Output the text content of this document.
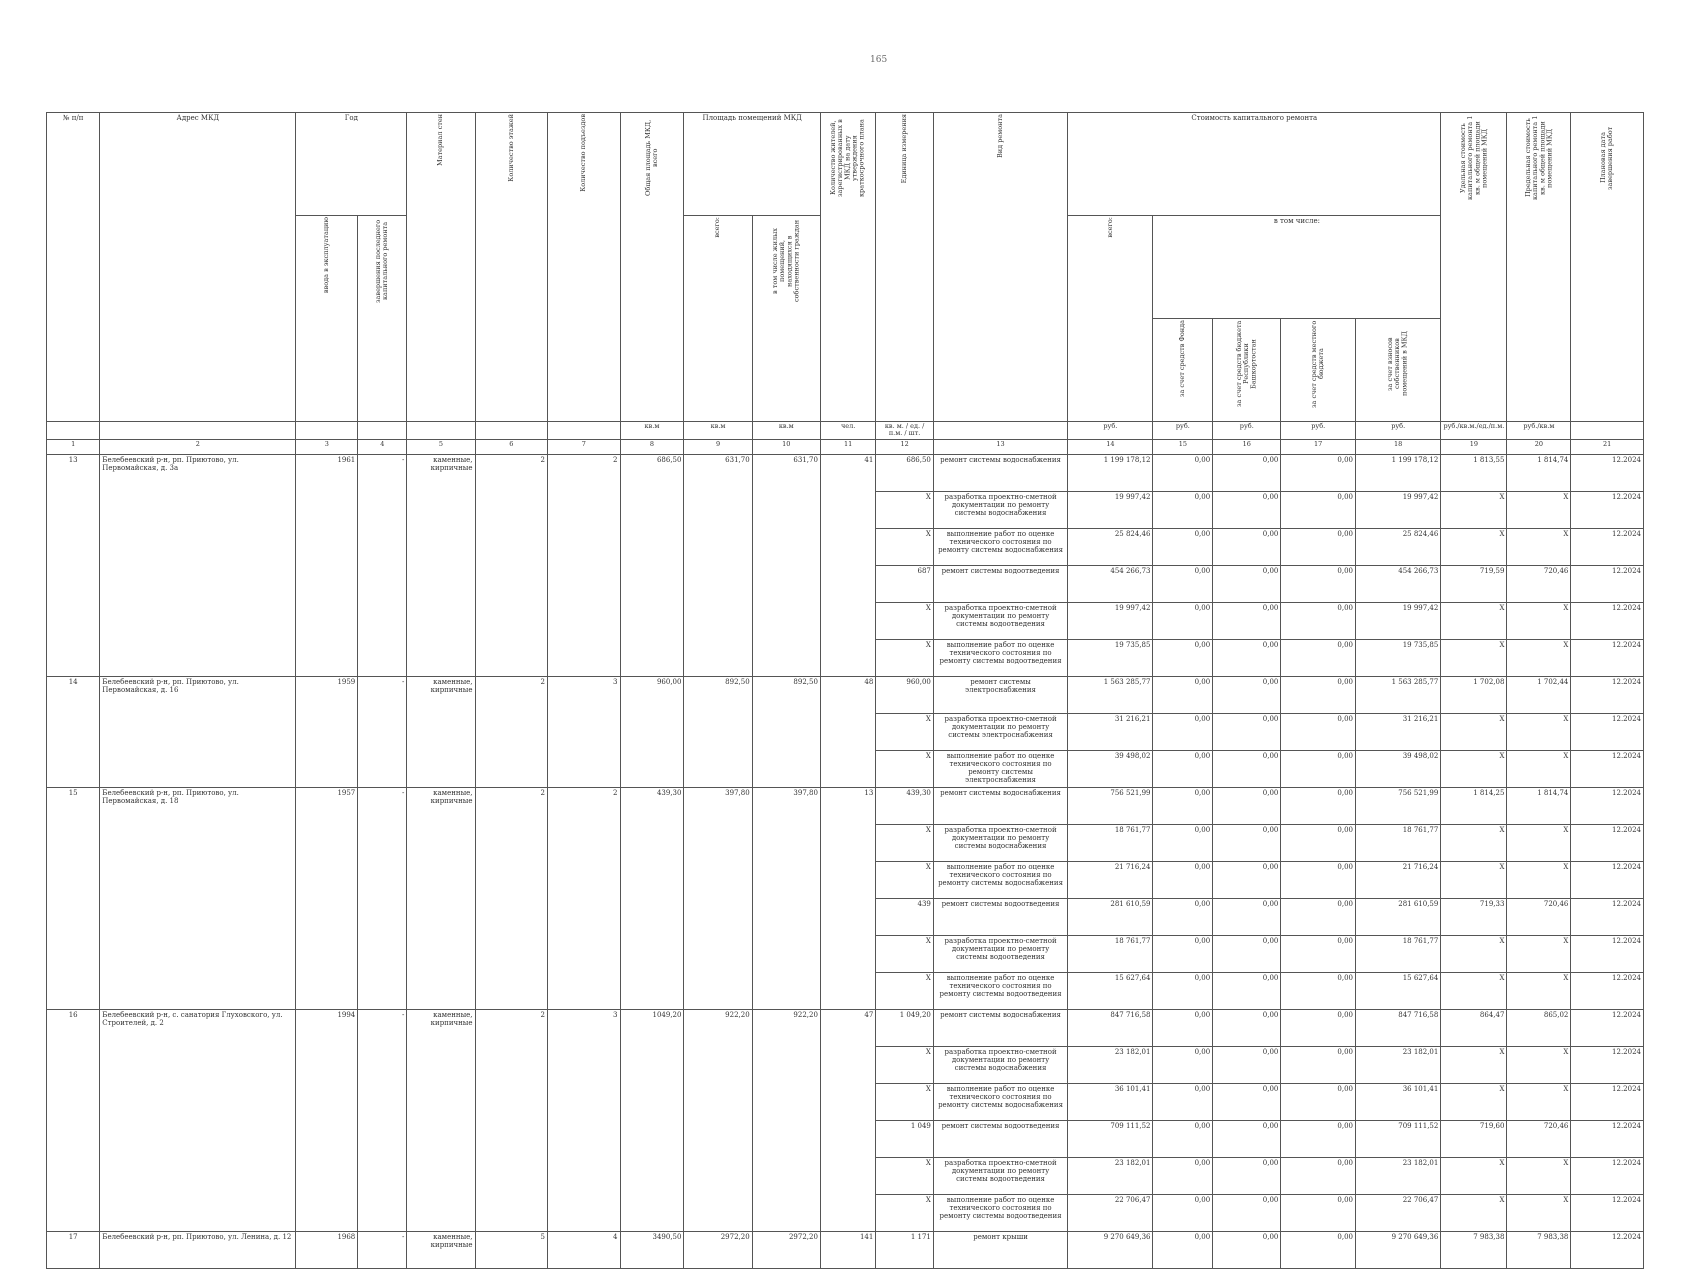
165
№ п/п	Адрес МКД	Год		Материал стен	Количество этажей	Количество подъездов	Общая площадь МКД, всего	Площадь помещений МКД		Количество жителей, зарегистрированных в МКД на дату утверждения краткосрочного плана	Единица измерения	Вид ремонта	Стоимость капитального ремонта					Удельная стоимость капитального ремонта 1 кв. м общей площади помещений МКД	Предельная стоимость капитального ремонта 1 кв. м общей площади помещений МКД	Плановая дата завершения работ
		ввода в эксплуатацию	завершения последнего капитального ремонта					всего:	в том числе жилых помещений, находящихся в собственности граждан				всего:	в том числе:						
														за счет средств Фонда	за счет средств бюджета Республики Башкортостан	за счет средств местного бюджета	за счет взносов собственников помещений в МКД			
							кв.м	кв.м	кв.м	чел.	кв. м. / ед. / п.м. / шт.		руб.	руб.	руб.	руб.	руб.	руб./кв.м./ед./п.м.	руб./кв.м	
1	2	3	4	5	6	7	8	9	10	11	12	13	14	15	16	17	18	19	20	21
13	Белебеевский р-н, рп. Приютово, ул. Первомайская, д. 3а	1961	-	каменные, кирпичные	2	2	686,50	631,70	631,70	41	686,50	ремонт системы водоснабжения	1 199 178,12	0,00	0,00	0,00	1 199 178,12	1 813,55	1 814,74	12.2024
											X	разработка проектно-сметной документации по ремонту системы водоснабжения	19 997,42	0,00	0,00	0,00	19 997,42	X	X	12.2024
											X	выполнение работ по оценке технического состояния по ремонту системы водоснабжения	25 824,46	0,00	0,00	0,00	25 824,46	X	X	12.2024
											687	ремонт системы водоотведения	454 266,73	0,00	0,00	0,00	454 266,73	719,59	720,46	12.2024
											X	разработка проектно-сметной документации по ремонту системы водоотведения	19 997,42	0,00	0,00	0,00	19 997,42	X	X	12.2024
											X	выполнение работ по оценке технического состояния по ремонту системы водоотведения	19 735,85	0,00	0,00	0,00	19 735,85	X	X	12.2024
14	Белебеевский р-н, рп. Приютово, ул. Первомайская, д. 16	1959	-	каменные, кирпичные	2	3	960,00	892,50	892,50	48	960,00	ремонт системы электроснабжения	1 563 285,77	0,00	0,00	0,00	1 563 285,77	1 702,08	1 702,44	12.2024
											X	разработка проектно-сметной документации по ремонту системы электроснабжения	31 216,21	0,00	0,00	0,00	31 216,21	X	X	12.2024
											X	выполнение работ по оценке технического состояния по ремонту системы электроснабжения	39 498,02	0,00	0,00	0,00	39 498,02	X	X	12.2024
15	Белебеевский р-н, рп. Приютово, ул. Первомайская, д. 18	1957	-	каменные, кирпичные	2	2	439,30	397,80	397,80	13	439,30	ремонт системы водоснабжения	756 521,99	0,00	0,00	0,00	756 521,99	1 814,25	1 814,74	12.2024
											X	разработка проектно-сметной документации по ремонту системы водоснабжения	18 761,77	0,00	0,00	0,00	18 761,77	X	X	12.2024
											X	выполнение работ по оценке технического состояния по ремонту системы водоснабжения	21 716,24	0,00	0,00	0,00	21 716,24	X	X	12.2024
											439	ремонт системы водоотведения	281 610,59	0,00	0,00	0,00	281 610,59	719,33	720,46	12.2024
											X	разработка проектно-сметной документации по ремонту системы водоотведения	18 761,77	0,00	0,00	0,00	18 761,77	X	X	12.2024
											X	выполнение работ по оценке технического состояния по ремонту системы водоотведения	15 627,64	0,00	0,00	0,00	15 627,64	X	X	12.2024
16	Белебеевский р-н, с. санатория Глуховского, ул. Строителей, д. 2	1994	-	каменные, кирпичные	2	3	1049,20	922,20	922,20	47	1 049,20	ремонт системы водоснабжения	847 716,58	0,00	0,00	0,00	847 716,58	864,47	865,02	12.2024
											X	разработка проектно-сметной документации по ремонту системы водоснабжения	23 182,01	0,00	0,00	0,00	23 182,01	X	X	12.2024
											X	выполнение работ по оценке технического состояния по ремонту системы водоснабжения	36 101,41	0,00	0,00	0,00	36 101,41	X	X	12.2024
											1 049	ремонт системы водоотведения	709 111,52	0,00	0,00	0,00	709 111,52	719,60	720,46	12.2024
											X	разработка проектно-сметной документации по ремонту системы водоотведения	23 182,01	0,00	0,00	0,00	23 182,01	X	X	12.2024
											X	выполнение работ по оценке технического состояния по ремонту системы водоотведения	22 706,47	0,00	0,00	0,00	22 706,47	X	X	12.2024
17	Белебеевский р-н, рп. Приютово, ул. Ленина, д. 12	1968	-	каменные, кирпичные	5	4	3490,50	2972,20	2972,20	141	1 171	ремонт крыши	9 270 649,36	0,00	0,00	0,00	9 270 649,36	7 983,38	7 983,38	12.2024
